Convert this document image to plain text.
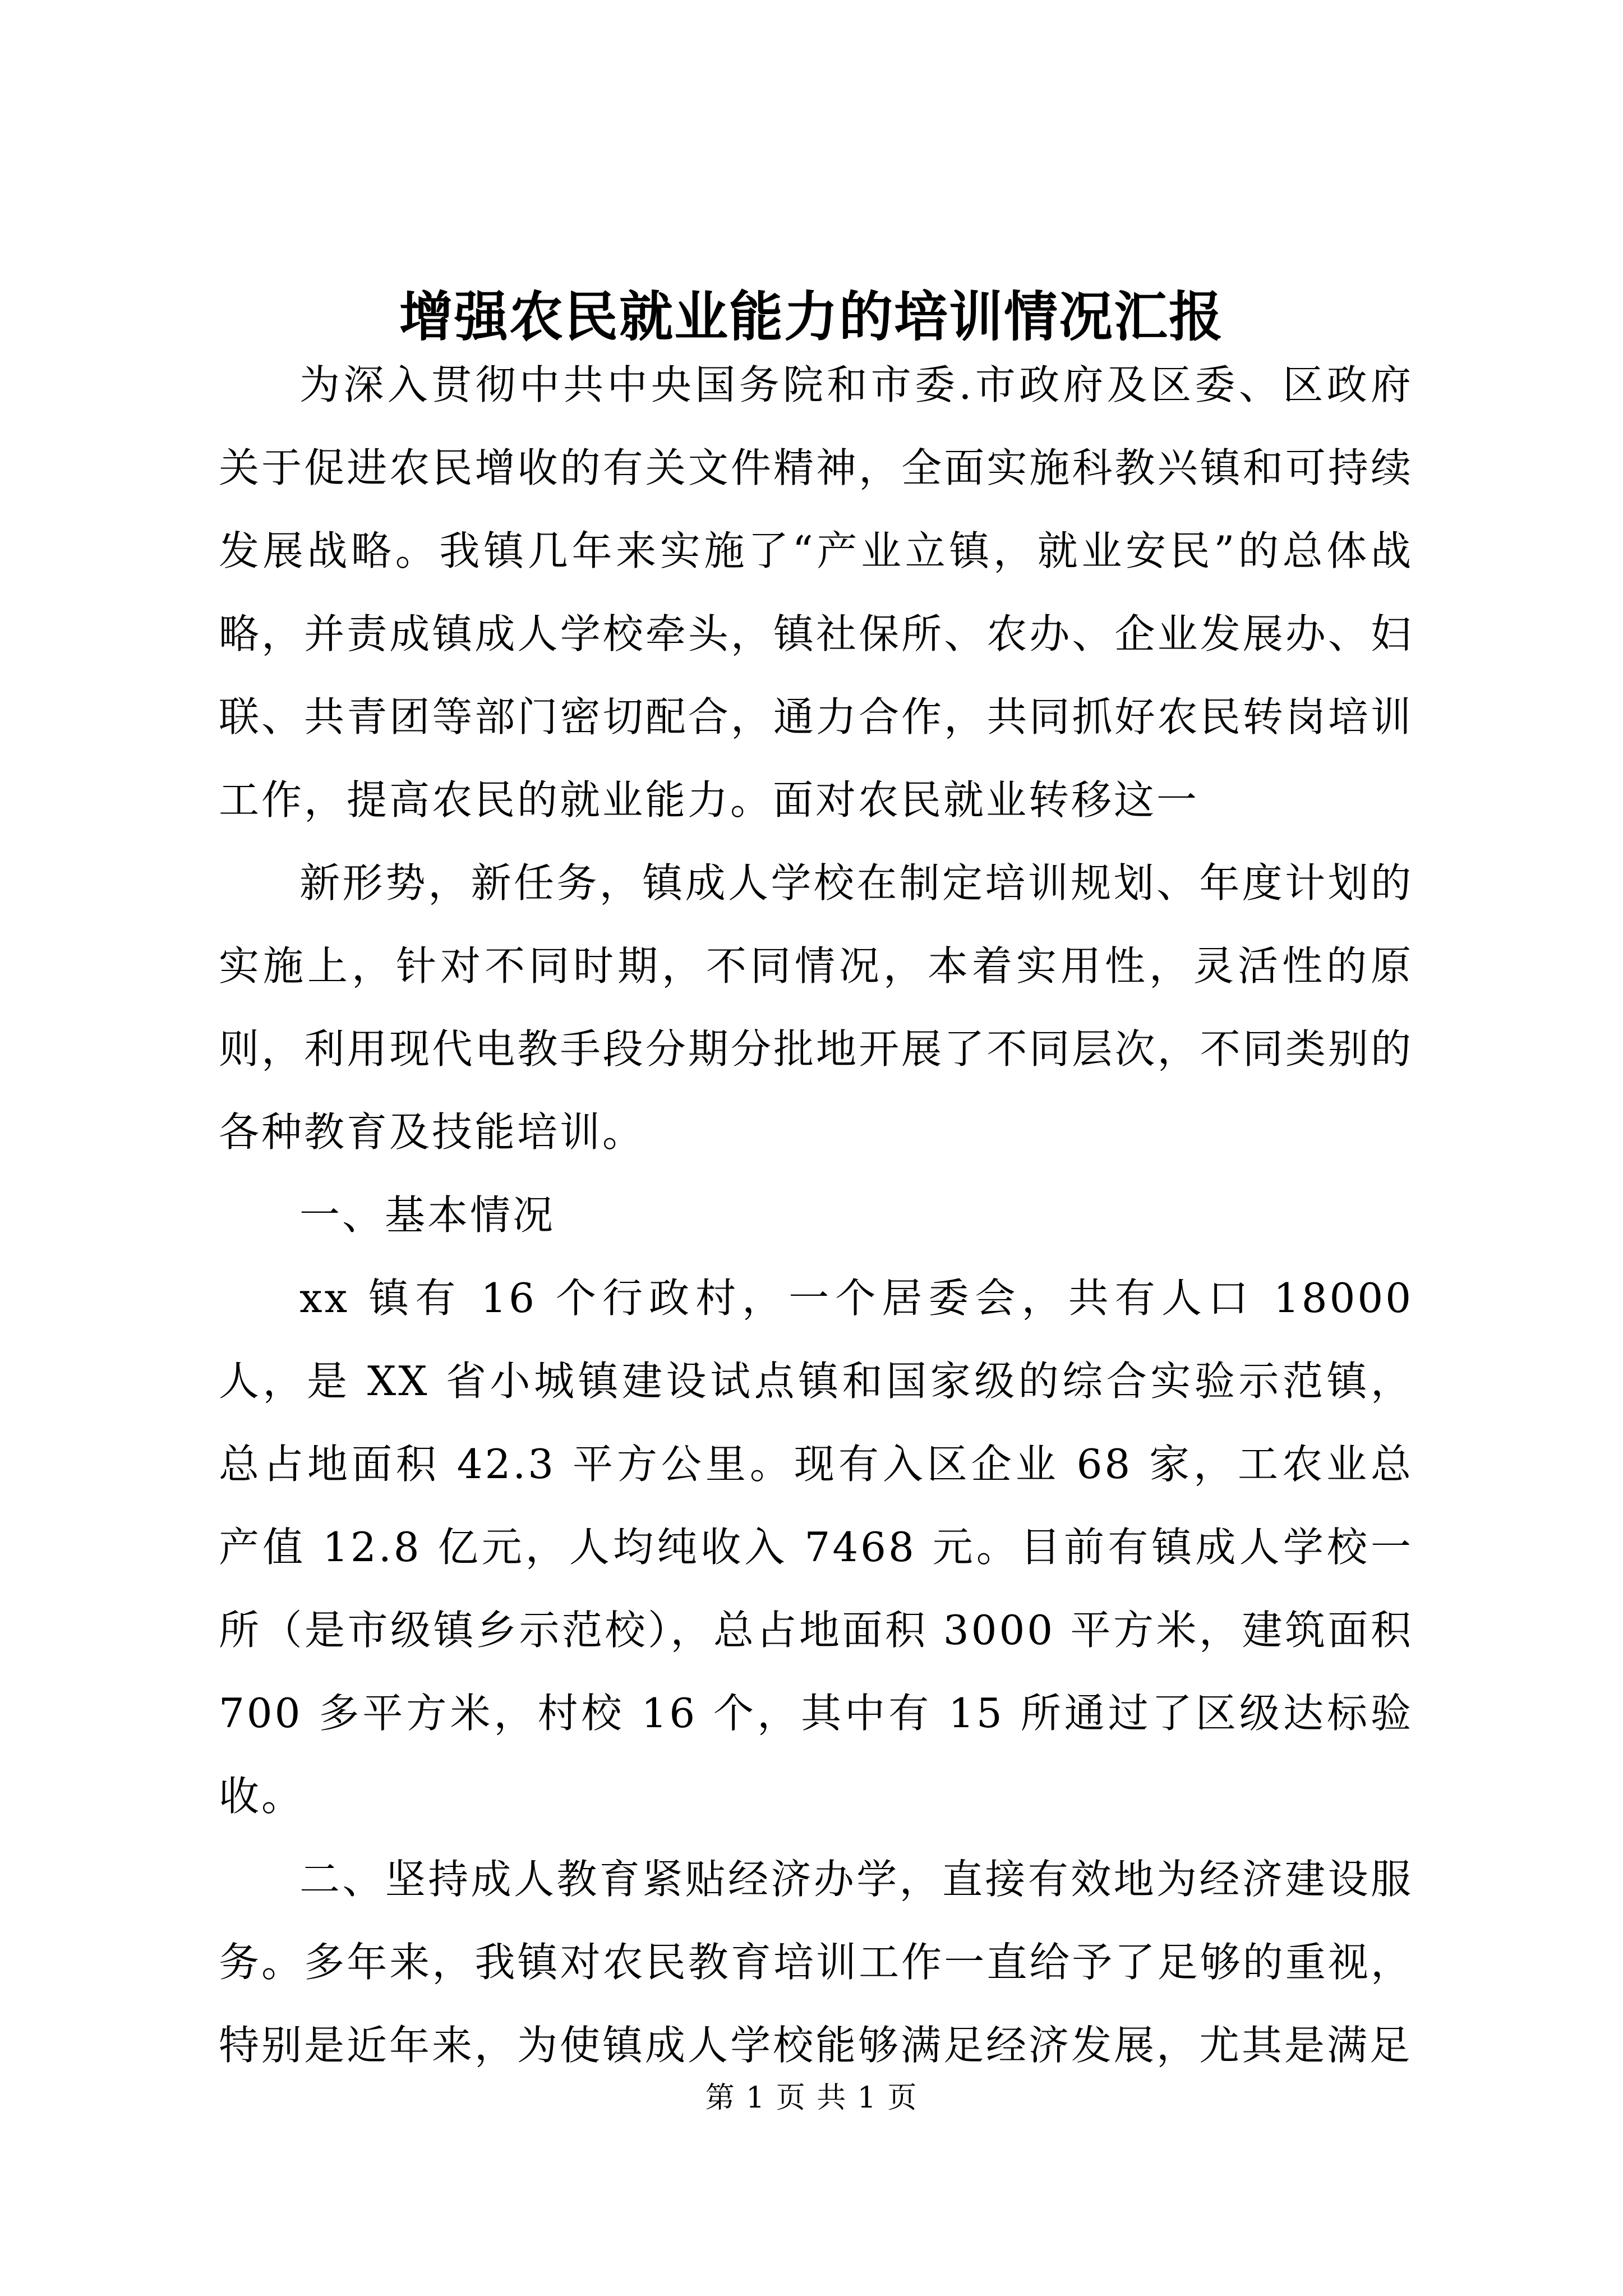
增强农民就业能力的培训情况汇报

为深入贯彻中共中央国务院和市委.市政府及区委、区政府关于促进农民增收的有关文件精神，全面实施科教兴镇和可持续发展战略。我镇几年来实施了“产业立镇，就业安民”的总体战略，并责成镇成人学校牵头，镇社保所、农办、企业发展办、妇联、共青团等部门密切配合，通力合作，共同抓好农民转岗培训工作，提高农民的就业能力。面对农民就业转移这一

新形势，新任务，镇成人学校在制定培训规划、年度计划的实施上，针对不同时期，不同情况，本着实用性，灵活性的原则，利用现代电教手段分期分批地开展了不同层次，不同类别的各种教育及技能培训。

一、基本情况

xx 镇有 16 个行政村，一个居委会，共有人口 18000 人，是 XX 省小城镇建设试点镇和国家级的综合实验示范镇，总占地面积 42.3 平方公里。现有入区企业 68 家，工农业总产值 12.8 亿元，人均纯收入 7468 元。目前有镇成人学校一所（是市级镇乡示范校），总占地面积 3000 平方米，建筑面积 700 多平方米，村校 16 个，其中有 15 所通过了区级达标验收。

二、坚持成人教育紧贴经济办学，直接有效地为经济建设服务。多年来，我镇对农民教育培训工作一直给予了足够的重视，特别是近年来，为使镇成人学校能够满足经济发展，尤其是满足

第 1 页 共 1 页
